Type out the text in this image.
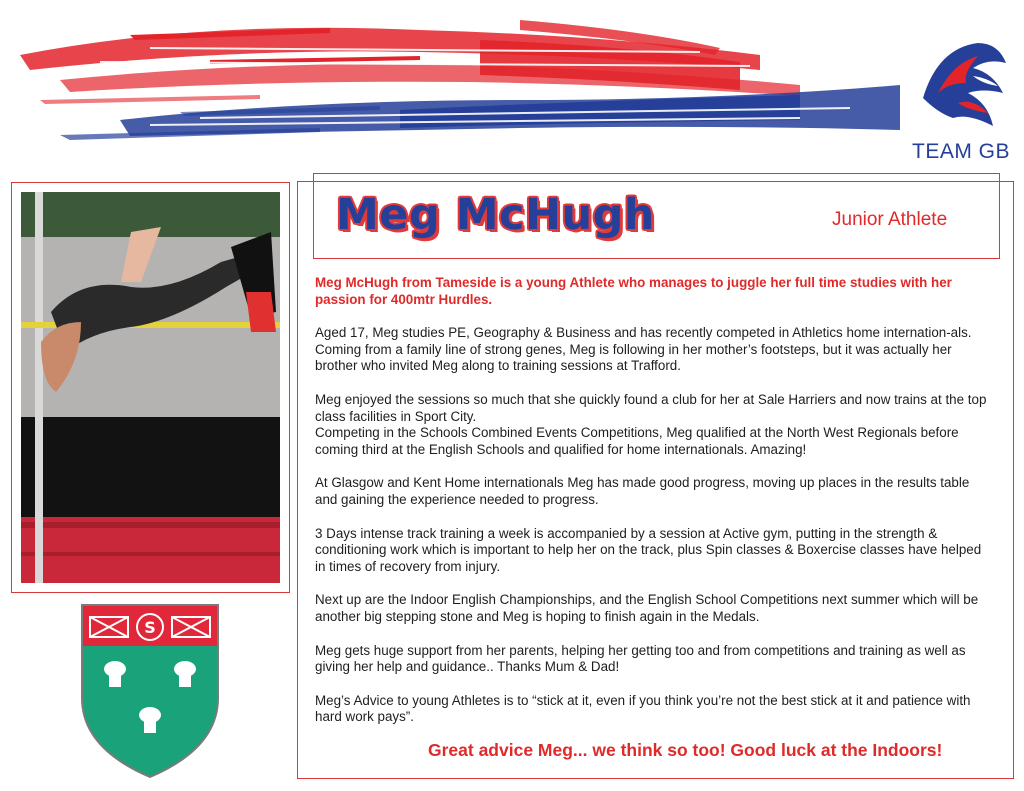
TEAM GB
S
Meg McHugh	Junior Athlete

Meg McHugh from Tameside is a young Athlete who manages to juggle her full time studies with her passion for 400mtr Hurdles.

Aged 17, Meg studies PE, Geography & Business and has recently competed in Athletics home internation-als. Coming from a family line of strong genes, Meg is following in her mother’s footsteps, but it was actually her brother who invited Meg along to training sessions at Trafford.

Meg enjoyed the sessions so much that she quickly found a club for her at Sale Harriers and now trains at the top class facilities in Sport City.

Competing in the Schools Combined Events Competitions, Meg qualified at the North West Regionals before coming third at the English Schools and qualified for home internationals. Amazing!

At Glasgow and Kent Home internationals Meg has made good progress, moving up places in the results table and gaining the experience needed to progress.

3 Days intense track training a week is accompanied by a session at Active gym, putting in the strength & conditioning work which is important to help her on the track, plus Spin classes & Boxercise classes have helped in times of recovery from injury.

Next up are the Indoor English Championships, and the English School Competitions next summer which will be another big stepping stone and Meg is hoping to finish again in the Medals.

Meg gets huge support from her parents, helping her getting too and from competitions and training as well as giving her help and guidance.. Thanks Mum & Dad!

Meg’s Advice to young Athletes is to “stick at it, even if you think you’re not the best stick at it and patience with hard work pays”.

Great advice Meg... we think so too! Good luck at the Indoors!
